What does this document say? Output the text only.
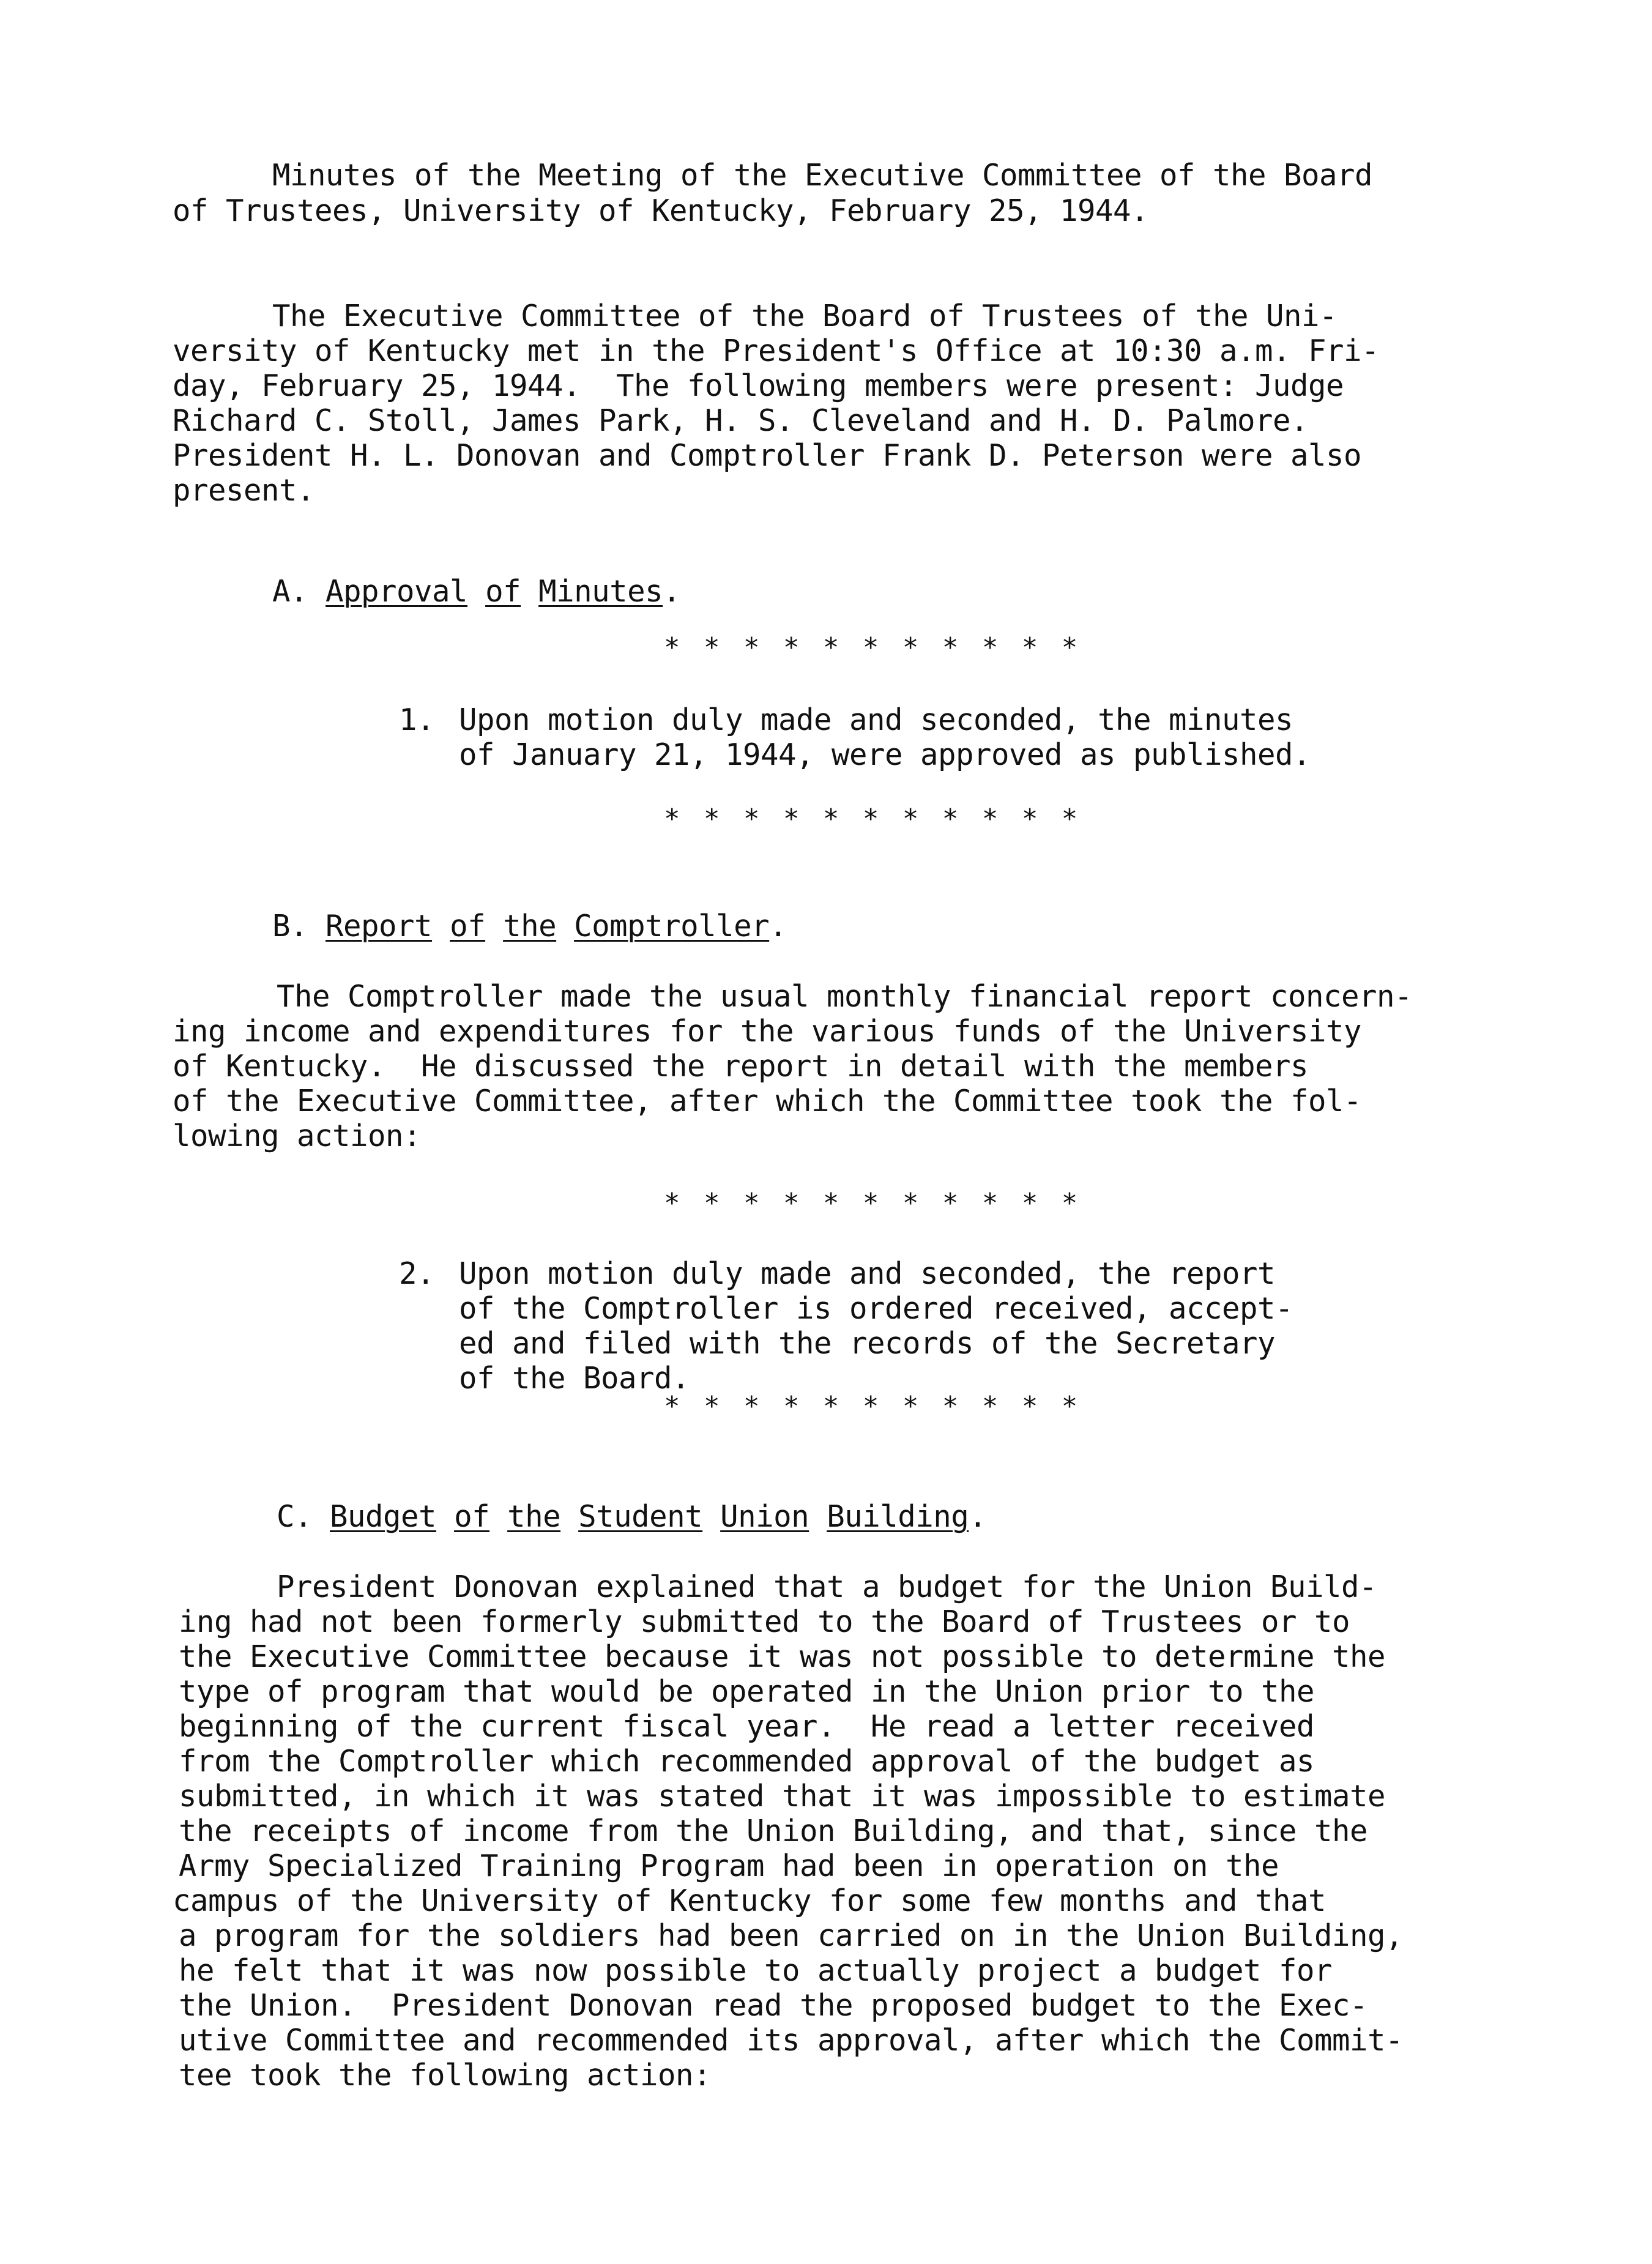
Minutes of the Meeting of the Executive Committee of the Board
of Trustees, University of Kentucky, February 25, 1944.
The Executive Committee of the Board of Trustees of the Uni-
versity of Kentucky met in the President's Office at 10:30 a.m. Fri-
day, February 25, 1944.  The following members were present: Judge
Richard C. Stoll, James Park, H. S. Cleveland and H. D. Palmore.
President H. L. Donovan and Comptroller Frank D. Peterson were also
present.
A. Approval of Minutes.
* * * * * * * * * * *
1. Upon motion duly made and seconded, the minutes
of January 21, 1944, were approved as published.
* * * * * * * * * * *
B. Report of the Comptroller.
The Comptroller made the usual monthly financial report concern-
ing income and expenditures for the various funds of the University
of Kentucky.  He discussed the report in detail with the members
of the Executive Committee, after which the Committee took the fol-
lowing action:
* * * * * * * * * * *
2. Upon motion duly made and seconded, the report
of the Comptroller is ordered received, accept-
ed and filed with the records of the Secretary
of the Board.
* * * * * * * * * * *
C. Budget of the Student Union Building.
President Donovan explained that a budget for the Union Build-
ing had not been formerly submitted to the Board of Trustees or to
the Executive Committee because it was not possible to determine the
type of program that would be operated in the Union prior to the
beginning of the current fiscal year.  He read a letter received
from the Comptroller which recommended approval of the budget as
submitted, in which it was stated that it was impossible to estimate
the receipts of income from the Union Building, and that, since the
Army Specialized Training Program had been in operation on the
campus of the University of Kentucky for some few months and that
a program for the soldiers had been carried on in the Union Building,
he felt that it was now possible to actually project a budget for
the Union.  President Donovan read the proposed budget to the Exec-
utive Committee and recommended its approval, after which the Commit-
tee took the following action:
